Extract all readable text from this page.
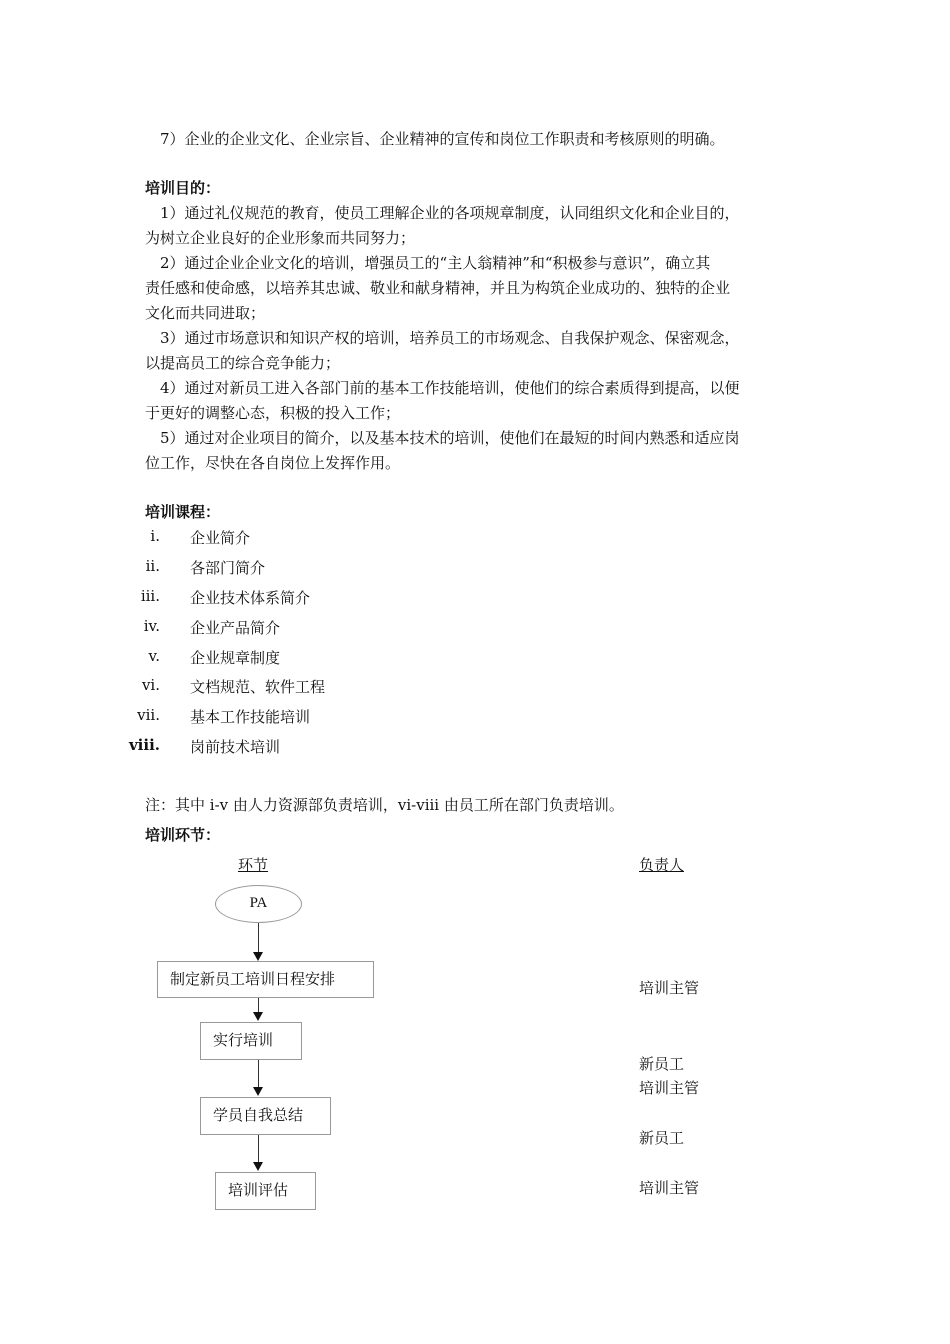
7）企业的企业文化、企业宗旨、企业精神的宣传和岗位工作职责和考核原则的明确。
培训目的：
1）通过礼仪规范的教育，使员工理解企业的各项规章制度，认同组织文化和企业目的，
为树立企业良好的企业形象而共同努力；
2）通过企业企业文化的培训，增强员工的“主人翁精神”和“积极参与意识”，确立其
责任感和使命感，以培养其忠诚、敬业和献身精神，并且为构筑企业成功的、独特的企业
文化而共同进取；
3）通过市场意识和知识产权的培训，培养员工的市场观念、自我保护观念、保密观念，
以提高员工的综合竞争能力；
4）通过对新员工进入各部门前的基本工作技能培训，使他们的综合素质得到提高，以便
于更好的调整心态，积极的投入工作；
5）通过对企业项目的简介，以及基本技术的培训，使他们在最短的时间内熟悉和适应岗
位工作，尽快在各自岗位上发挥作用。
培训课程：
i. 企业简介
ii. 各部门简介
iii. 企业技术体系简介
iv. 企业产品简介
v. 企业规章制度
vi. 文档规范、软件工程
vii. 基本工作技能培训
viii. 岗前技术培训
注：其中 i-v 由人力资源部负责培训，vi-viii 由员工所在部门负责培训。
培训环节：
环节	负责人
PA
制定新员工培训日程安排
实行培训
学员自我总结
培训评估
培训主管
新员工
培训主管
新员工
培训主管
